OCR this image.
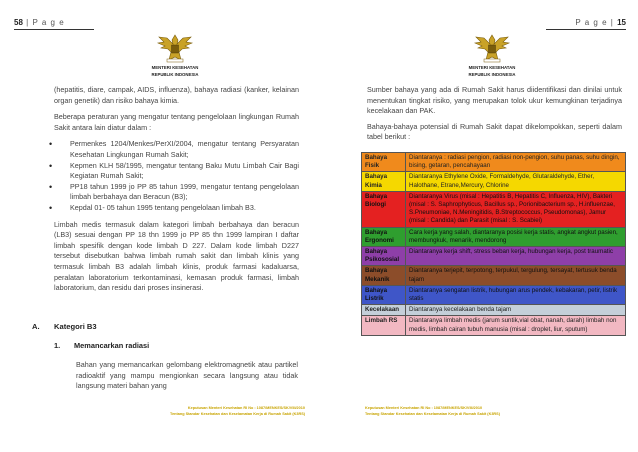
58 | P a g e
MENTERI KESEHATAN
REPUBLIK INDONESIA

(hepatitis, diare, campak, AIDS, influenza), bahaya radiasi (kanker, kelainan organ genetik) dan risiko bahaya kimia.

Beberapa peraturan yang mengatur tentang pengelolaan lingkungan Rumah Sakit antara lain diatur dalam :

• Permenkes 1204/Menkes/PerXI/2004, mengatur tentang Persyaratan Kesehatan Lingkungan Rumah Sakit;
• Kepmen KLH 58/1995, mengatur tentang Baku Mutu Limbah Cair Bagi Kegiatan Rumah Sakit;
• PP18 tahun 1999 jo PP 85 tahun 1999, mengatur tentang pengelolaan limbah berbahaya dan Beracun (B3);
• Kepdal 01- 05 tahun 1995 tentang pengelolaan limbah B3.

Limbah medis termasuk dalam kategori limbah berbahaya dan beracun (LB3) sesuai dengan PP 18 thn 1999 jo PP 85 thn 1999 lampiran I daftar limbah spesifik dengan kode limbah D 227. Dalam kode limbah D227 tersebut disebutkan bahwa limbah rumah sakit dan limbah klinis yang termasuk limbah B3 adalah limbah klinis, produk farmasi kadaluarsa, peralatan laboratorium terkontaminasi, kemasan produk farmasi, limbah laboratorium, dan residu dari proses insinerasi.

A. Kategori B3
1. Memancarkan radiasi
Bahan yang memancarkan gelombang elektromagnetik atau partikel radioaktif yang mampu mengionkan secara langsung atau tidak langsung materi bahan yang
Keputusan Menteri Kesehatan RI No : 1087/MENKES/SK/VIII/2010
Tentang Standar Kesehatan dan Keselamatan Kerja di Rumah Sakit (K3RS)
P a g e | 15
MENTERI KESEHATAN
REPUBLIK INDONESIA

Sumber bahaya yang ada di Rumah Sakit harus diidentifikasi dan dinilai untuk menentukan tingkat risiko, yang merupakan tolok ukur kemungkinan terjadinya kecelakaan dan PAK.

Bahaya-bahaya potensial di Rumah Sakit dapat dikelompokkan, seperti dalam tabel berikut :

Bahaya
Fisik	Diantaranya : radiasi pengion, radiasi non-pengion, suhu panas, suhu dingin, bising, getaran, pencahayaan

Bahaya
Kimia	Diantaranya Ethylene Oxide, Formaldehyde, Glutaraldehyde, Ether, Halothane, Etrane,Mercury, Chlorine

Bahaya
Biologi	Diantaranya Virus (misal : Hepatitis B, Hepatitis C, Influenza, HIV), Bakteri (misal : S. Saphrophyticus, Bacillus sp., Porionibacterium sp., H.influenzae, S.Pneumoniae, N.Meningitidis, B.Streptococcus, Pseudomonas), Jamur (misal : Candida) dan Parasit (misal : S. Scabiei)

Bahaya
Ergonomi	Cara kerja yang salah, diantaranya posisi kerja statis, angkat angkut pasien, membungkuk, menarik, mendorong

Bahaya
Psikososial	Diantaranya kerja shift, stress beban kerja, hubungan kerja, post traumatic

Bahaya
Mekanik	Diantaranya terjepit, terpotong, terpukul, tergulung, tersayat, tertusuk benda tajam

Bahaya
Listrik	Diantaranya sengatan listrik, hubungan arus pendek, kebakaran, petir, listrik statis

Kecelakaan	Diantaranya kecelakaan benda tajam

Limbah RS	Diantaranya limbah medis (jarum suntik,vial obat, nanah, darah) limbah non medis, limbah cairan tubuh manusia (misal : droplet, liur, sputum)
Keputusan Menteri Kesehatan RI No : 1087/MENKES/SK/VIII/2010
Tentang Standar Kesehatan dan Keselamatan Kerja di Rumah Sakit (K3RS)
